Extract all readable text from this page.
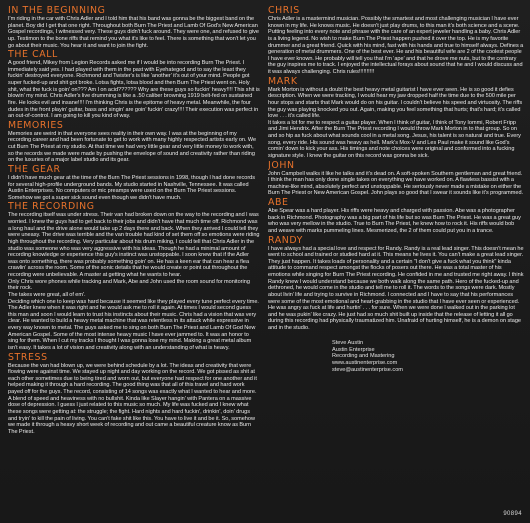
IN THE BEGINNING
I'm riding in the car with Chris Adler and I told him that his band was gonna be the biggest band on the planet. Boy did I get that one right. Throughout both Burn The Priest and Lamb Of God's New American Gospel recordings, I witnessed very. These guys didn't fuck around. They were one, and refused to give up. Testimon to the bone riffs that remind you what it's like to feel. There is something that won't let you go about their music. You hear it and want to join the fight.
THE CALL
A good friend, Mikey from Legion Records asked me if I would be into recording Burn The Priest. I immediately said yes. I had played with them in the past with Eyehategod and to say the least they fuckin' destroyed everyone. Richmond and Twister's is like 'another' it's out of your mind. People got super fucked-up and shit got broke. Lotsa fights, lotsa blood and then Burn The Priest went on. Holy shit, what the fuck is goin' on??? Am I on acid?????? Why are these guys so fuckin' heavy!!!! This shit is blowin' my mind. Chris Adler's live drumming is like a .50 caliber browning 1919 belt-fed on sustained fire. He looks evil and insane!!!! I'm thinking Chris is the epitome of heavy metal. Meanwhile, the four dudes in the front playin' guitar, bass and singin' are goin' fuckin' crazy!!!! Their execution was perfect in an out-of-control. I am going to kill you kind of way.
MEMORIES
Memories are weird in that everyone sees reality in their own way. I was at the beginning of my recording career and had been fortunate to get to work with many highly respected artists early on. We cut Burn The Priest at my studio. At that time we had very little gear and very little money to work with, so the records we made were made by pushing the envelope of sound and creativity rather than riding on the luxuries of a major label studio and its gear.
THE GEAR
I didn't have much gear at the time of the Burn The Priest sessions in 1998, though I had done records for several high-profile underground bands. My studio started in Nashville, Tennessee. It was called Austin Enterprises. No computers or mic preamps were used on the Burn The Priest sessions. Somehow we got a super sick sound even though we didn't have much.
THE RECORDING
The recording itself was under stress. Their van had broken down on the way to the recording and I was worried. I knew the guys had to get back to their jobs and didn't have that much time off. Richmond was a long haul and the drive alone would take up 2 days there and back. When they arrived I could tell they were uneasy. The drive was terrible and the van trouble had kind of set them off so emotions were riding high throughout the recording. Very particular about his drum miking, I could tell that Chris Adler in the studio was someone who was very aggressive with his ideas. Though he had a minimal amount of recording knowledge or experience this guy's instinct was unstoppable. I soon knew that if the Adler was onto something, there was probably something goin' on. He has a keen ear that can hear a flea crawlin' across the room. Some of the sonic details that he would create or point out throughout the recording were unbelievable. A master at getting what he wants to hear.
Only Chris wore phones while tracking and Mark, Abe and John used the room sound for monitoring their rock.
The takes were great, all of em'.
Deciding which one to keep was hard because it seemed like they played every tune perfect every time. The Adler knew when it was right and he would ask me to roll it again. At times I would second guess this man and soon I would learn to trust his instincts about their music. Chris had a vision that was very clear. He wanted to build a heavy metal machine that was relentless in its attack while expressive in every way known to metal. The guys asked me to sing on both Burn The Priest and Lamb Of God New American Gospel. Some of the most intense heavy music I have ever jammed to. It was an honor to sing for them. When I cut my tracks I thought I was gonna lose my mind. Making a great metal album isn't easy. It takes a lot of vision and creativity along with an understanding of what is heavy.
STRESS
Because the van had blown up, we were behind schedule by a lot. The ideas and creativity that were flowing were against time. We stayed up night and day working on the record. We got pissed as shit at each other sometimes due to being tired and worn out, but everyone had respect for one another and it helped making it through a hard recording. The good thing was that all of this travel and hard work payed off for the guys. The record, consisting of 14 songs was exactly what I wanted to hear and more. A blend of speed and heaviness with no bullshit. Kinda like Slayer hangin' with Pantera on a massive dose of depression. I guess I just related to this music so much. My life was fucked and I knew what these songs were getting at: the struggle; the fight. Hard nights and hard fuckin', drinkin', doin' drugs and tryin' to kill the pain of living. You can't fake shit like this. You have to live it and be it. So, somehow we made it through a heavy short week of recording and out came a beautiful creature know as Burn The Priest.
CHRIS
Chris Adler is a mastermind musician. Possibly the smartest and most challenging musician I have ever known in my life. He knows music. He doesn't just play drums, to this man it's both science and a scene. Putting feeling into every note and phrase with the care of an expert jeweler handling a baby. Chris Adler is a living legend. No wish to make Burn The Priest happen pushed it over the top. He is my favorite drummer and a great friend. Quick with his mind, fast with his hands and true to himself always. Defines a generation of metal drummers. One of the best ever. He and his beautiful wife are 2 of the coolest people I have ever known. He probably will tell you that I'm 'ape' and that he drove me nuts, but to the contrary the guy inspires me to track. I enjoyed the intellectual forays about sound that he and I would discuss and it was always challenging. Chris rules!!!!!!!!!!
MARK
Mark Morton is without a doubt the best heavy metal guitarist I have ever seen. He is so good it defies description. When we were tracking, I would hear my jaw dropped half the time due to the 500 mile per hour stops and starts that Mark would do on his guitar. I couldn't believe his speed and virtuosity. The riffs the guy was playing knocked you out. Again, making you feel something that hurts; that's hard; it's called love . . . it's called life.
It takes a lot for me to respect a guitar player. When I think of guitar, I think of Tony Iommi, Robert Fripp and Jimi Hendrix. After the Burn The Priest recording I would throw Mark Morton in to that group. So on and so hip as fuck about what sounds cool in a metal song. Jesus, his talent is so natural and true. Every song, every ride. His sound was heavy as hell. Mark's Mox-V and Les Paul make it sound like God's comin' down to kick your ass. His timings and note choices were original and conformed into a fucking signature style. I knew the guitar on this record was gonna be sick.
JOHN
John Campbell walks it like he talks and it's dead on. A soft-spoken Southern gentleman and great friend. I think the man has only done single takes on everything we have worked on. A flawless bassist with a machine-like mind, absolutely perfect and unstoppable. He seriously never made a mistake on either the Burn The Priest or New American Gospel. John plays so good that I swear it sounds like it's programmed.
ABE
Abe Spear was a hard player. His riffs were heavy and charged with passion. Abe was a photographer back in Richmond. Photography was a big part of his life but so was Burn The Priest. He was a great guy who was very mellow in the studio. True to Burn The Priest, he knew how to rock it. His riffs would bob and weave with marks pummeling lines. Mesmerized, the 2 of them could put you in a trance.
RANDY
I have always had a special love and respect for Randy. Randy is a real lead singer. This doesn't mean he went to school and trained or studied hard at it. This means he lives it. You can't make a great lead singer. They just happen. It takes loads of personality and a certain "I don't give a fuck what you think" kinda attitude to command respect amongst the flocks of posers out there. He was a total master of his emotions while singing for Burn The Priest recording. He confided in me and trusted me right away. I think Randy knew I would understand because we both walk along the same path. Hero of the fucked-up and dethroned, he would come in the studio and tell me to roll it. The words to the songs were dark. Mostly about livin' life and trying to survive in Richmond. I connected and I have to say that his performances were some of the most emotional and heart-grabbing in the studio that I have ever seen or experienced. He was angry as fuck at life and hurtin' . . . for sure. When we were done I walked out in the parking lot and he was pukin' like crazy. He just had so much shit built up inside that the release of letting it all go during this recording had physically traumatized him. Unafraid of hurting himself, he is a demon on stage and in the studio.
Steve Austin
Austin Enterprise
Recording and Mastering
www.austinenterprise.com
steve@austinenterprise.com
90894
